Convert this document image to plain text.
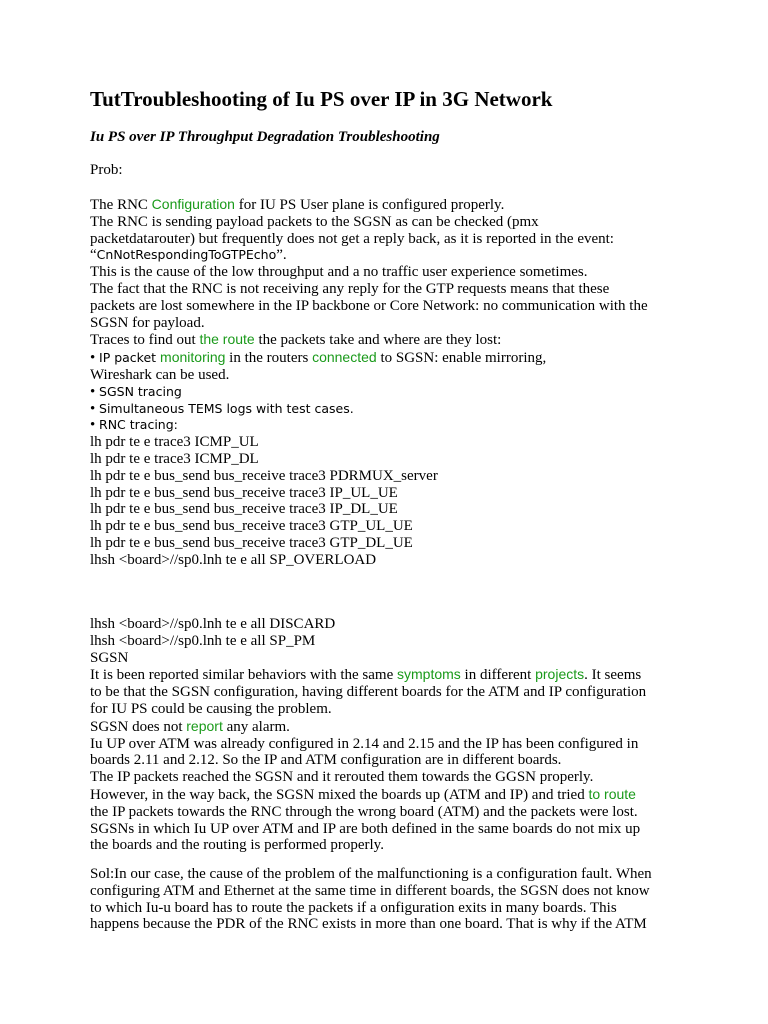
TutTroubleshooting of Iu PS over IP in 3G Network
Iu PS over IP Throughput Degradation Troubleshooting
Prob:
The RNC Configuration for IU PS User plane is configured properly.
The RNC is sending payload packets to the SGSN as can be checked (pmx
packetdatarouter) but frequently does not get a reply back, as it is reported in the event:
“CnNotRespondingToGTPEcho”.
This is the cause of the low throughput and a no traffic user experience sometimes.
The fact that the RNC is not receiving any reply for the GTP requests means that these
packets are lost somewhere in the IP backbone or Core Network: no communication with the
SGSN for payload.
Traces to find out the route the packets take and where are they lost:
• IP packet monitoring in the routers connected to SGSN: enable mirroring,
Wireshark can be used.
• SGSN tracing
• Simultaneous TEMS logs with test cases.
• RNC tracing:
lh pdr te e trace3 ICMP_UL
lh pdr te e trace3 ICMP_DL
lh pdr te e bus_send bus_receive trace3 PDRMUX_server
lh pdr te e bus_send bus_receive trace3 IP_UL_UE
lh pdr te e bus_send bus_receive trace3 IP_DL_UE
lh pdr te e bus_send bus_receive trace3 GTP_UL_UE
lh pdr te e bus_send bus_receive trace3 GTP_DL_UE
lhsh <board>//sp0.lnh te e all SP_OVERLOAD
lhsh <board>//sp0.lnh te e all DISCARD
lhsh <board>//sp0.lnh te e all SP_PM
SGSN
It is been reported similar behaviors with the same symptoms in different projects. It seems
to be that the SGSN configuration, having different boards for the ATM and IP configuration
for IU PS could be causing the problem.
SGSN does not report any alarm.
Iu UP over ATM was already configured in 2.14 and 2.15 and the IP has been configured in
boards 2.11 and 2.12. So the IP and ATM configuration are in different boards.
The IP packets reached the SGSN and it rerouted them towards the GGSN properly.
However, in the way back, the SGSN mixed the boards up (ATM and IP) and tried to route
the IP packets towards the RNC through the wrong board (ATM) and the packets were lost.
SGSNs in which Iu UP over ATM and IP are both defined in the same boards do not mix up
the boards and the routing is performed properly.
Sol:In our case, the cause of the problem of the malfunctioning is a configuration fault. When
configuring ATM and Ethernet at the same time in different boards, the SGSN does not know
to which Iu-u board has to route the packets if a onfiguration exits in many boards. This
happens because the PDR of the RNC exists in more than one board. That is why if the ATM
